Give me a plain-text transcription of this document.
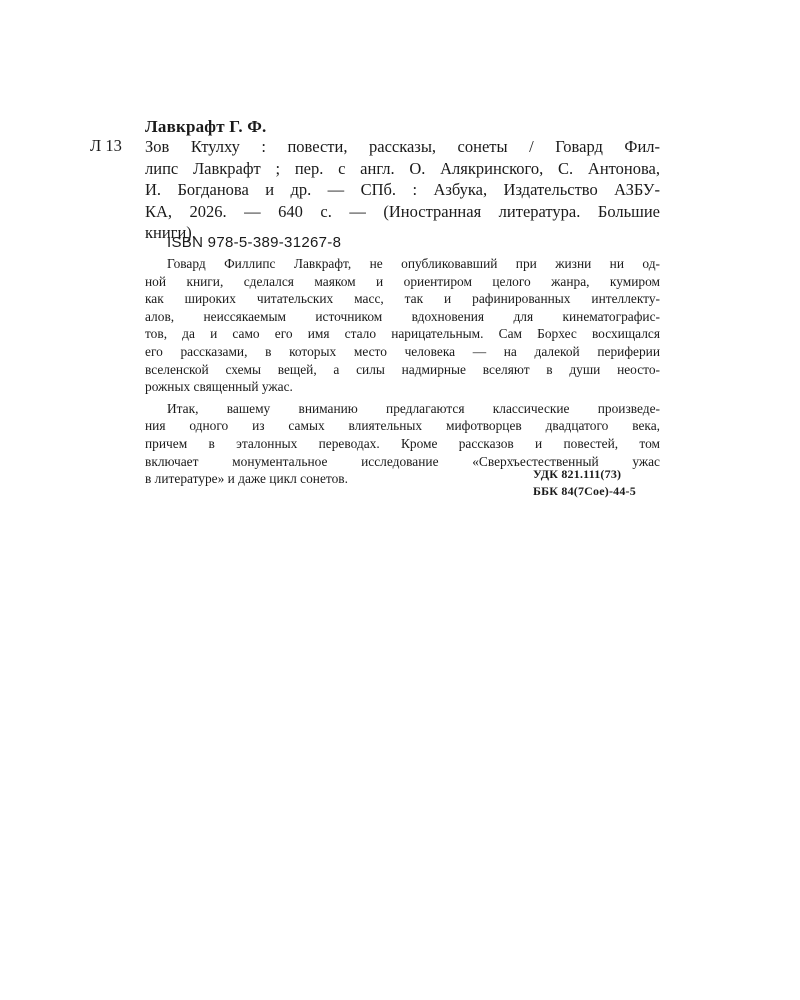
Лавкрафт Г. Ф.
Л 13 Зов Ктулху : повести, рассказы, сонеты / Говард Фил-
липс Лавкрафт ; пер. с англ. О. Алякринского, С. Антонова,
И. Богданова и др. — СПб. : Азбука, Издательство АЗБУ-
КА, 2026. — 640 с. — (Иностранная литература. Большие
книги).
ISBN 978-5-389-31267-8
Говард Филлипс Лавкрафт, не опубликовавший при жизни ни од-
ной книги, сделался маяком и ориентиром целого жанра, кумиром
как широких читательских масс, так и рафинированных интеллекту-
алов, неиссякаемым источником вдохновения для кинематографис-
тов, да и само его имя стало нарицательным. Сам Борхес восхищался
его рассказами, в которых место человека — на далекой периферии
вселенской схемы вещей, а силы надмирные вселяют в души неосто-
рожных священный ужас.
Итак, вашему вниманию предлагаются классические произведе-
ния одного из самых влиятельных мифотворцев двадцатого века,
причем в эталонных переводах. Кроме рассказов и повестей, том
включает монументальное исследование «Сверхъестественный ужас
в литературе» и даже цикл сонетов.	УДК 821.111(73)
ББК 84(7Сое)-44-5
